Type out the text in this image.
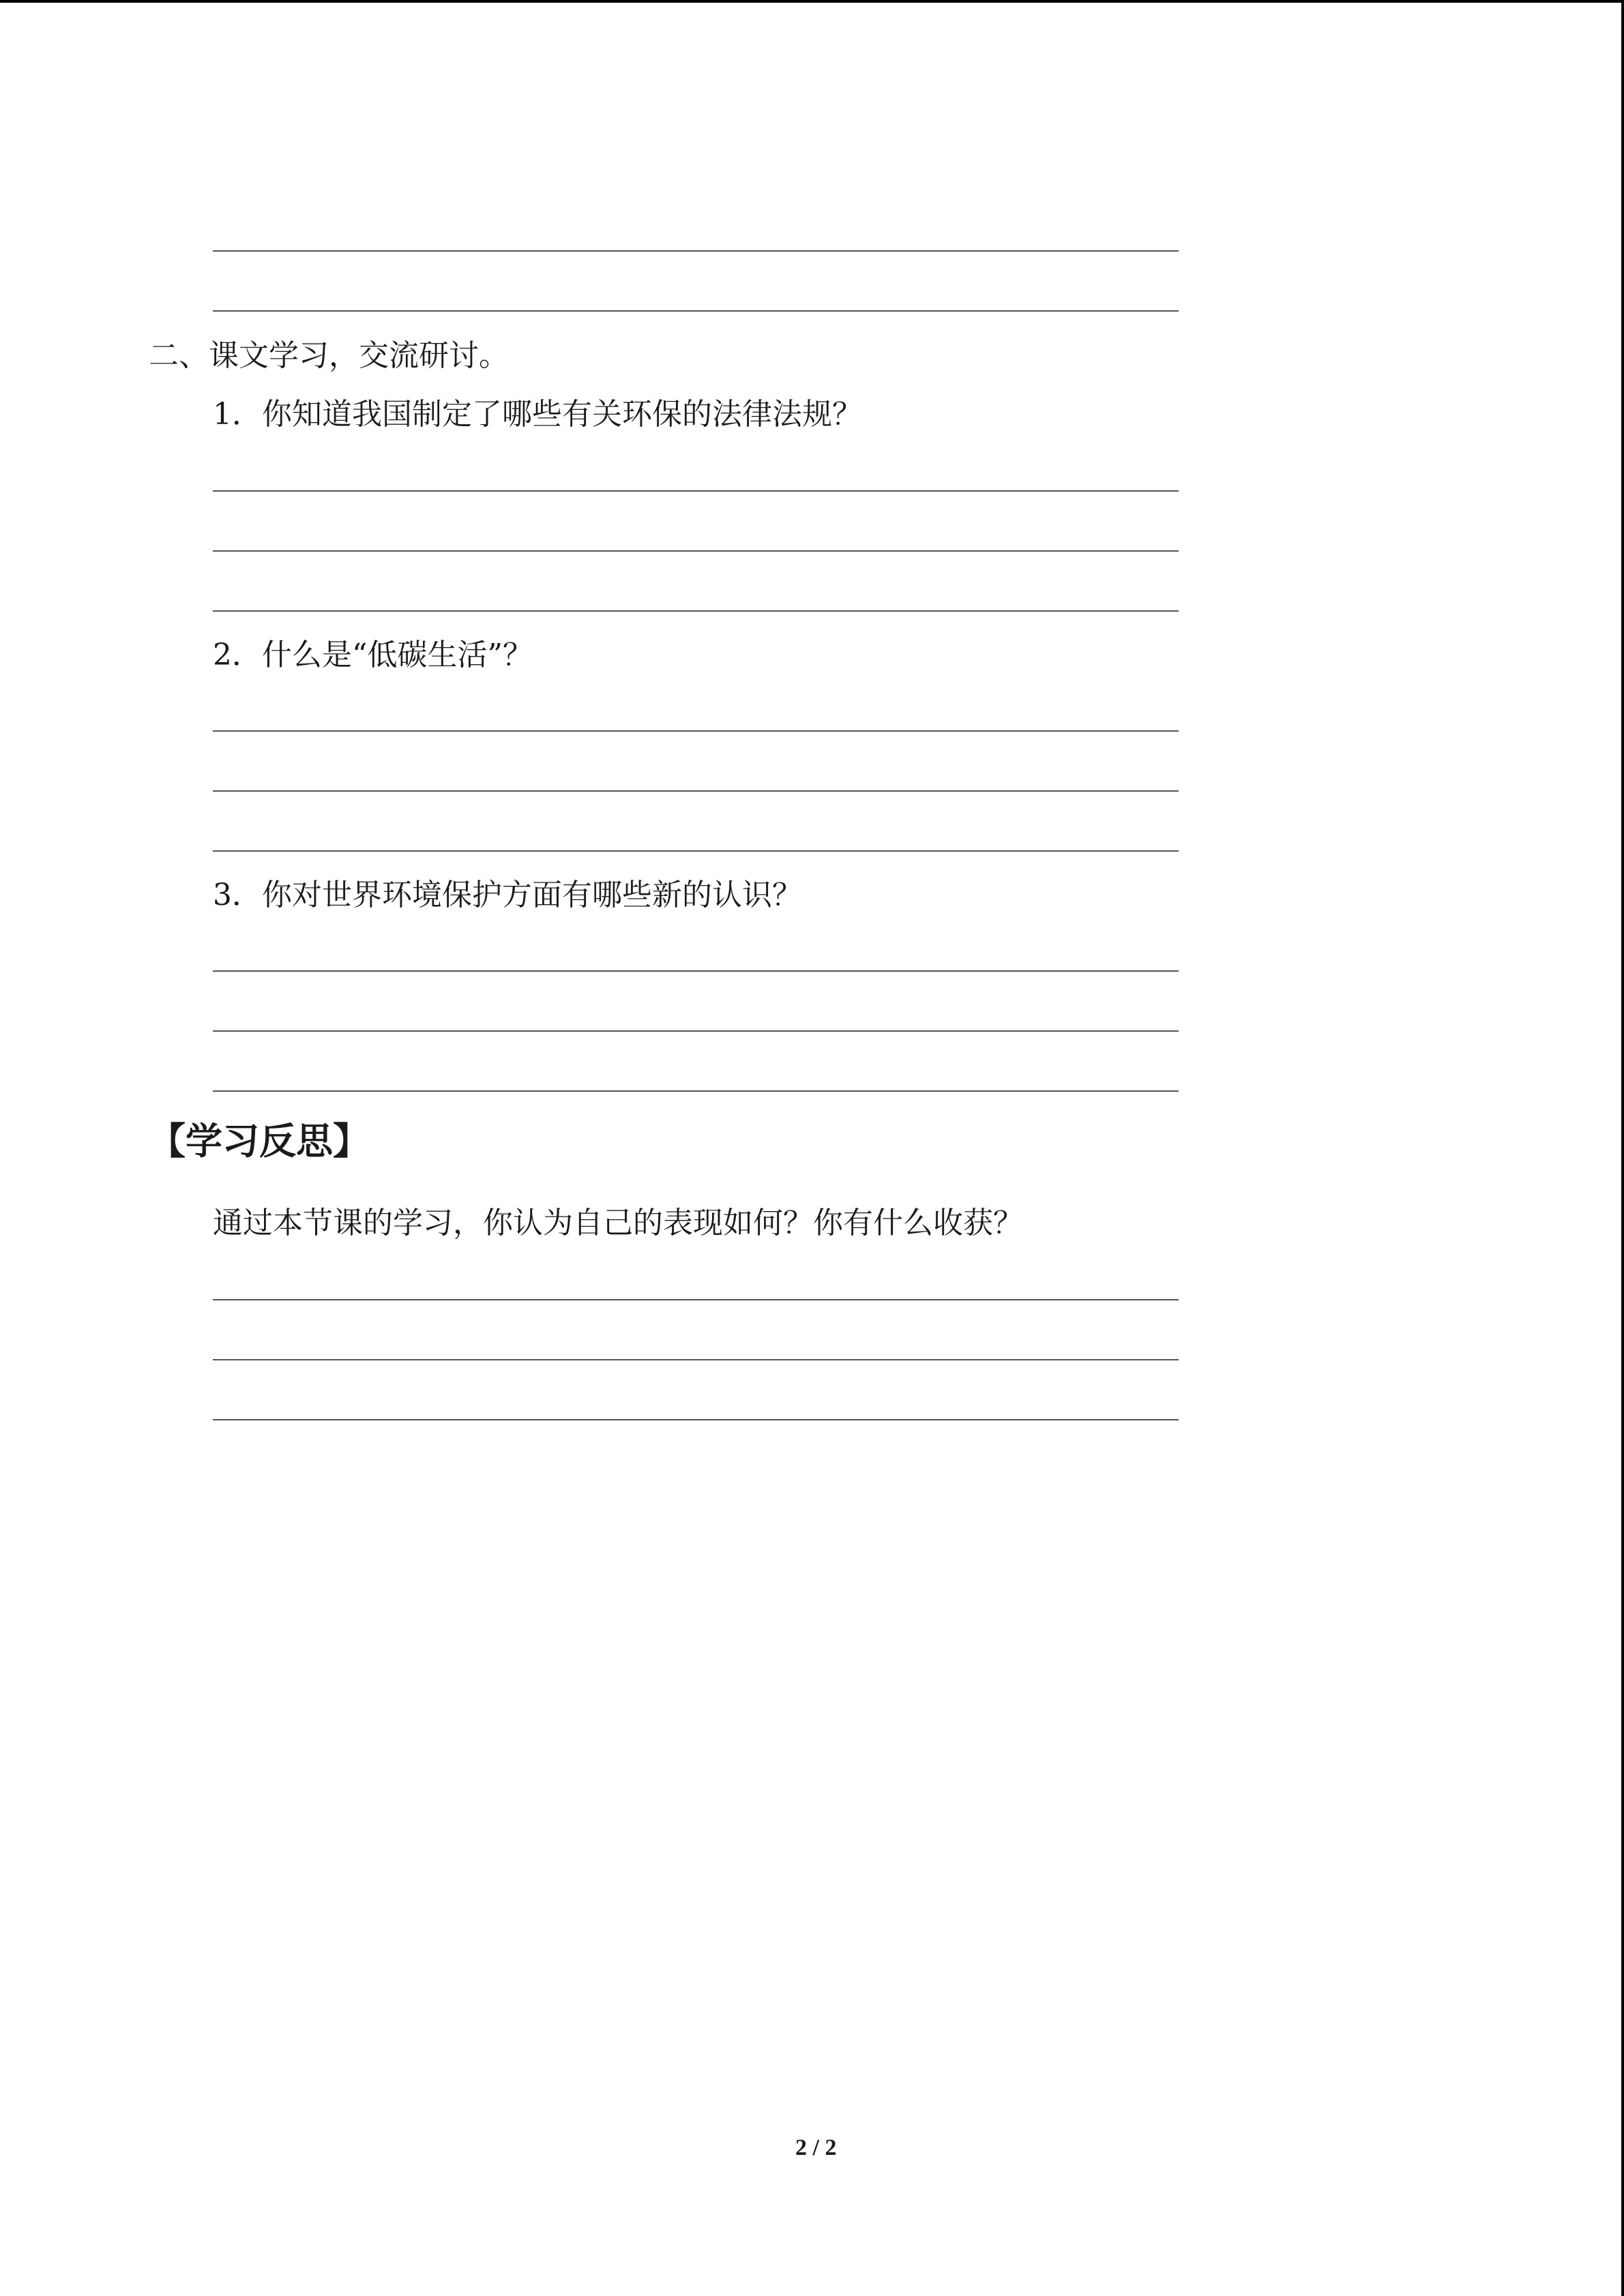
二、课文学习，交流研讨。
1．你知道我国制定了哪些有关环保的法律法规？
2．什么是“低碳生活”？
3．你对世界环境保护方面有哪些新的认识？
【学习反思】
通过本节课的学习，你认为自己的表现如何？你有什么收获？
2 / 2
